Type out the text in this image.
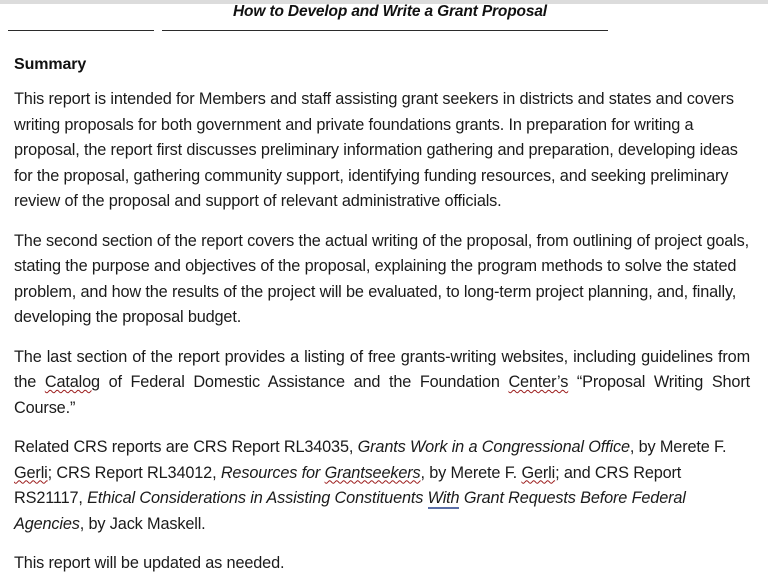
How to Develop and Write a Grant Proposal
Summary

This report is intended for Members and staff assisting grant seekers in districts and states and covers writing proposals for both government and private foundations grants. In preparation for writing a proposal, the report first discusses preliminary information gathering and preparation, developing ideas for the proposal, gathering community support, identifying funding resources, and seeking preliminary review of the proposal and support of relevant administrative officials.

The second section of the report covers the actual writing of the proposal, from outlining of project goals, stating the purpose and objectives of the proposal, explaining the program methods to solve the stated problem, and how the results of the project will be evaluated, to long-term project planning, and, finally, developing the proposal budget.

The last section of the report provides a listing of free grants-writing websites, including guidelines from the Catalog of Federal Domestic Assistance and the Foundation Center’s “Proposal Writing Short Course.”

Related CRS reports are CRS Report RL34035, Grants Work in a Congressional Office, by Merete F. Gerli; CRS Report RL34012, Resources for Grantseekers, by Merete F. Gerli; and CRS Report RS21117, Ethical Considerations in Assisting Constituents With Grant Requests Before Federal Agencies, by Jack Maskell.

This report will be updated as needed.
